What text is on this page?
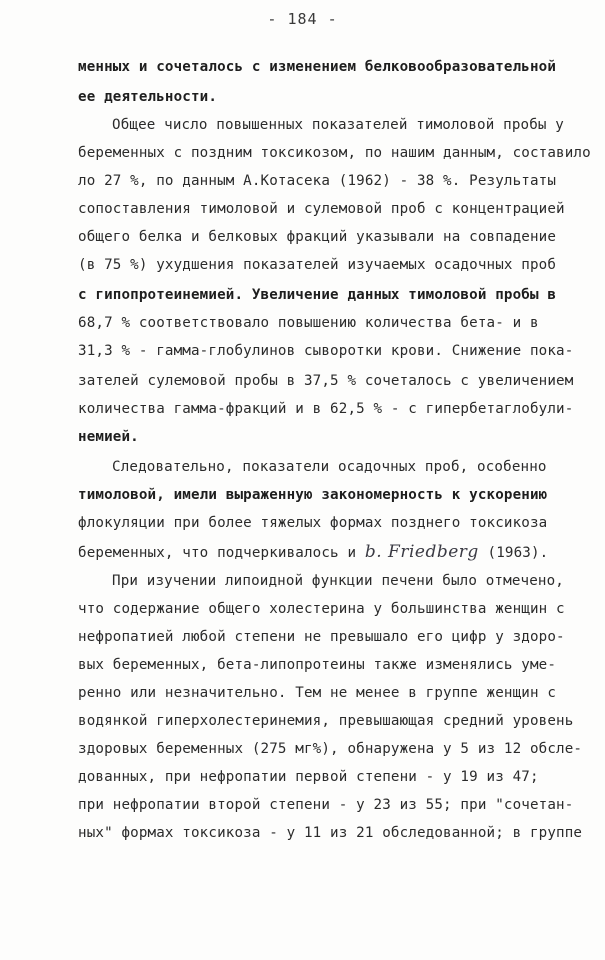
- 184 -
менных и сочеталось с изменением белковообразовательной
ее деятельности.
Общее число повышенных показателей тимоловой пробы у
беременных с поздним токсикозом, по нашим данным, составило
ло 27 %, по данным А.Котасека (1962) - 38 %. Результаты
сопоставления тимоловой и сулемовой проб с концентрацией
общего белка и белковых фракций указывали на совпадение
(в 75 %) ухудшения показателей изучаемых осадочных проб
с гипопротеинемией. Увеличение данных тимоловой пробы в
68,7 % соответствовало повышению количества бета- и в
31,3 % - гамма-глобулинов сыворотки крови. Снижение пока-
зателей сулемовой пробы в 37,5 % сочеталось с увеличением
количества гамма-фракций и в 62,5 % - с гипербетаглобули-
немией.
Следовательно, показатели осадочных проб, особенно
тимоловой, имели выраженную закономерность к ускорению
флокуляции при более тяжелых формах позднего токсикоза
беременных, что подчеркивалось и b. Friedberg (1963).
При изучении липоидной функции печени было отмечено,
что содержание общего холестерина у большинства женщин с
нефропатией любой степени не превышало его цифр у здоро-
вых беременных, бета-липопротеины также изменялись уме-
ренно или незначительно. Тем не менее в группе женщин с
водянкой гиперхолестеринемия, превышающая средний уровень
здоровых беременных (275 мг%), обнаружена у 5 из 12 обсле-
дованных, при нефропатии первой степени - у 19 из 47;
при нефропатии второй степени - у 23 из 55; при "сочетан-
ных" формах токсикоза - у 11 из 21 обследованной; в группе
